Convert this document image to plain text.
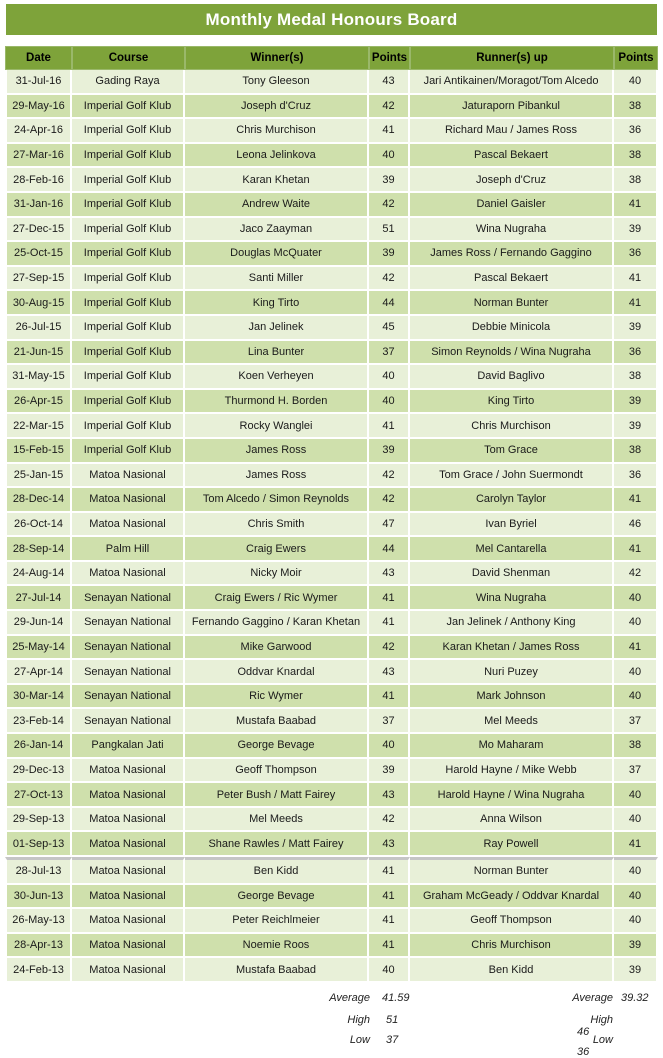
Monthly Medal Honours Board
Date	Course	Winner(s)	Points	Runner(s) up	Points
31-Jul-16	Gading Raya	Tony Gleeson	43	Jari Antikainen/Moragot/Tom Alcedo	40
29-May-16	Imperial Golf Klub	Joseph d'Cruz	42	Jaturaporn Pibankul	38
24-Apr-16	Imperial Golf Klub	Chris Murchison	41	Richard Mau / James Ross	36
27-Mar-16	Imperial Golf Klub	Leona Jelinkova	40	Pascal Bekaert	38
28-Feb-16	Imperial Golf Klub	Karan Khetan	39	Joseph d'Cruz	38
31-Jan-16	Imperial Golf Klub	Andrew Waite	42	Daniel Gaisler	41
27-Dec-15	Imperial Golf Klub	Jaco Zaayman	51	Wina Nugraha	39
25-Oct-15	Imperial Golf Klub	Douglas McQuater	39	James Ross / Fernando Gaggino	36
27-Sep-15	Imperial Golf Klub	Santi Miller	42	Pascal Bekaert	41
30-Aug-15	Imperial Golf Klub	King Tirto	44	Norman Bunter	41
26-Jul-15	Imperial Golf Klub	Jan Jelinek	45	Debbie Minicola	39
21-Jun-15	Imperial Golf Klub	Lina Bunter	37	Simon Reynolds / Wina Nugraha	36
31-May-15	Imperial Golf Klub	Koen Verheyen	40	David Baglivo	38
26-Apr-15	Imperial Golf Klub	Thurmond H. Borden	40	King Tirto	39
22-Mar-15	Imperial Golf Klub	Rocky Wanglei	41	Chris Murchison	39
15-Feb-15	Imperial Golf Klub	James Ross	39	Tom Grace	38
25-Jan-15	Matoa Nasional	James Ross	42	Tom Grace / John Suermondt	36
28-Dec-14	Matoa Nasional	Tom Alcedo / Simon Reynolds	42	Carolyn Taylor	41
26-Oct-14	Matoa Nasional	Chris Smith	47	Ivan Byriel	46
28-Sep-14	Palm Hill	Craig Ewers	44	Mel Cantarella	41
24-Aug-14	Matoa Nasional	Nicky Moir	43	David Shenman	42
27-Jul-14	Senayan National	Craig Ewers / Ric Wymer	41	Wina Nugraha	40
29-Jun-14	Senayan National	Fernando Gaggino / Karan Khetan	41	Jan Jelinek / Anthony King	40
25-May-14	Senayan National	Mike Garwood	42	Karan Khetan / James Ross	41
27-Apr-14	Senayan National	Oddvar Knardal	43	Nuri Puzey	40
30-Mar-14	Senayan National	Ric Wymer	41	Mark Johnson	40
23-Feb-14	Senayan National	Mustafa Baabad	37	Mel Meeds	37
26-Jan-14	Pangkalan Jati	George Bevage	40	Mo Maharam	38
29-Dec-13	Matoa Nasional	Geoff Thompson	39	Harold Hayne / Mike Webb	37
27-Oct-13	Matoa Nasional	Peter Bush / Matt Fairey	43	Harold Hayne / Wina Nugraha	40
29-Sep-13	Matoa Nasional	Mel Meeds	42	Anna Wilson	40
01-Sep-13	Matoa Nasional	Shane Rawles / Matt Fairey	43	Ray Powell	41
28-Jul-13	Matoa Nasional	Ben Kidd	41	Norman Bunter	40
30-Jun-13	Matoa Nasional	George Bevage	41	Graham McGeady / Oddvar Knardal	40
26-May-13	Matoa Nasional	Peter Reichlmeier	41	Geoff Thompson	40
28-Apr-13	Matoa Nasional	Noemie Roos	41	Chris Murchison	39
24-Feb-13	Matoa Nasional	Mustafa Baabad	40	Ben Kidd	39
Average 41.59
High 51
Low 37
Average 39.32
High46
Low36
